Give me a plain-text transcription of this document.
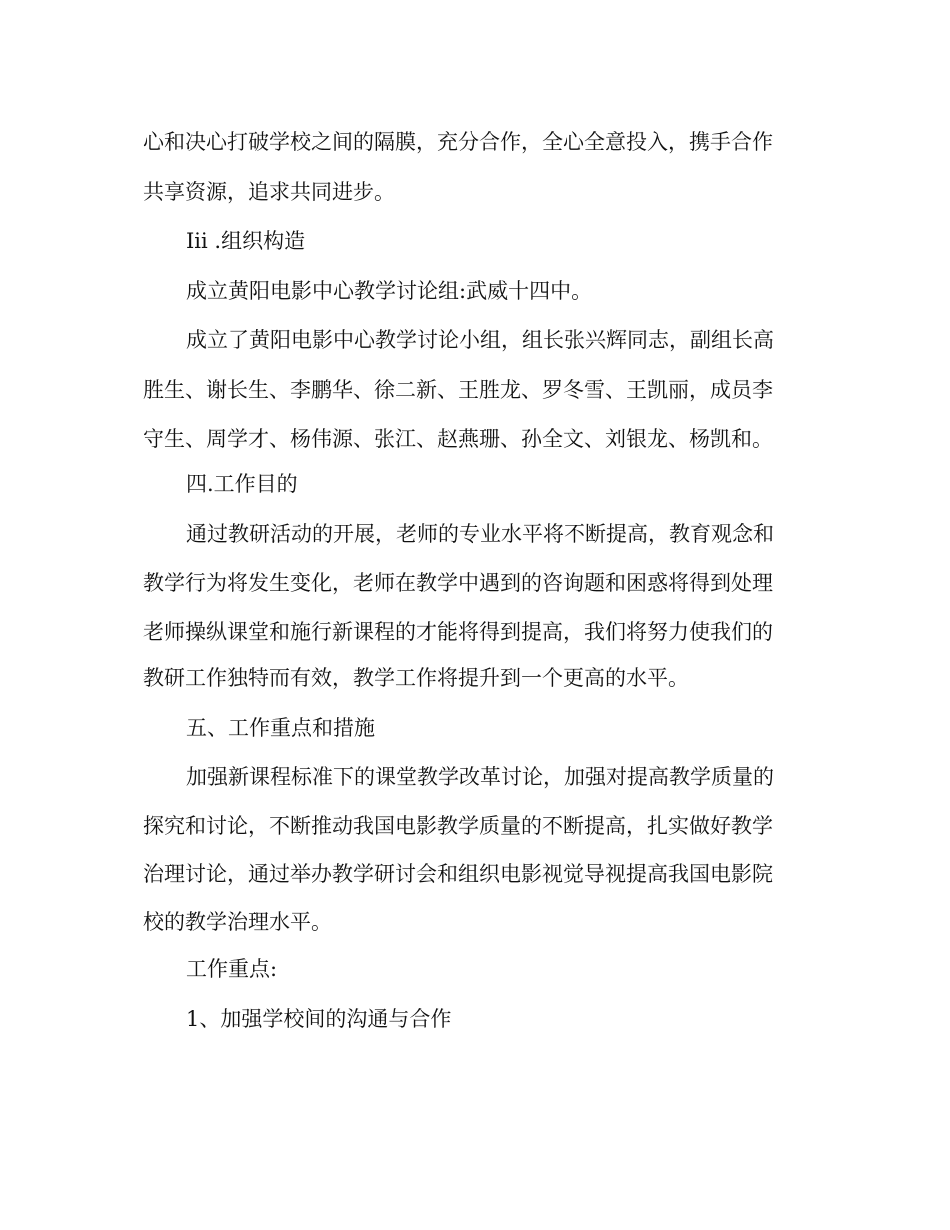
心和决心打破学校之间的隔膜，充分合作，全心全意投入，携手合作
共享资源，追求共同进步。
Iii .组织构造
成立黄阳电影中心教学讨论组:武威十四中。
成立了黄阳电影中心教学讨论小组，组长张兴辉同志，副组长高
胜生、谢长生、李鹏华、徐二新、王胜龙、罗冬雪、王凯丽，成员李
守生、周学才、杨伟源、张江、赵燕珊、孙全文、刘银龙、杨凯和。
四.工作目的
通过教研活动的开展，老师的专业水平将不断提高，教育观念和
教学行为将发生变化，老师在教学中遇到的咨询题和困惑将得到处理
老师操纵课堂和施行新课程的才能将得到提高，我们将努力使我们的
教研工作独特而有效，教学工作将提升到一个更高的水平。
五、工作重点和措施
加强新课程标准下的课堂教学改革讨论，加强对提高教学质量的
探究和讨论，不断推动我国电影教学质量的不断提高，扎实做好教学
治理讨论，通过举办教学研讨会和组织电影视觉导视提高我国电影院
校的教学治理水平。
工作重点:
1、加强学校间的沟通与合作
